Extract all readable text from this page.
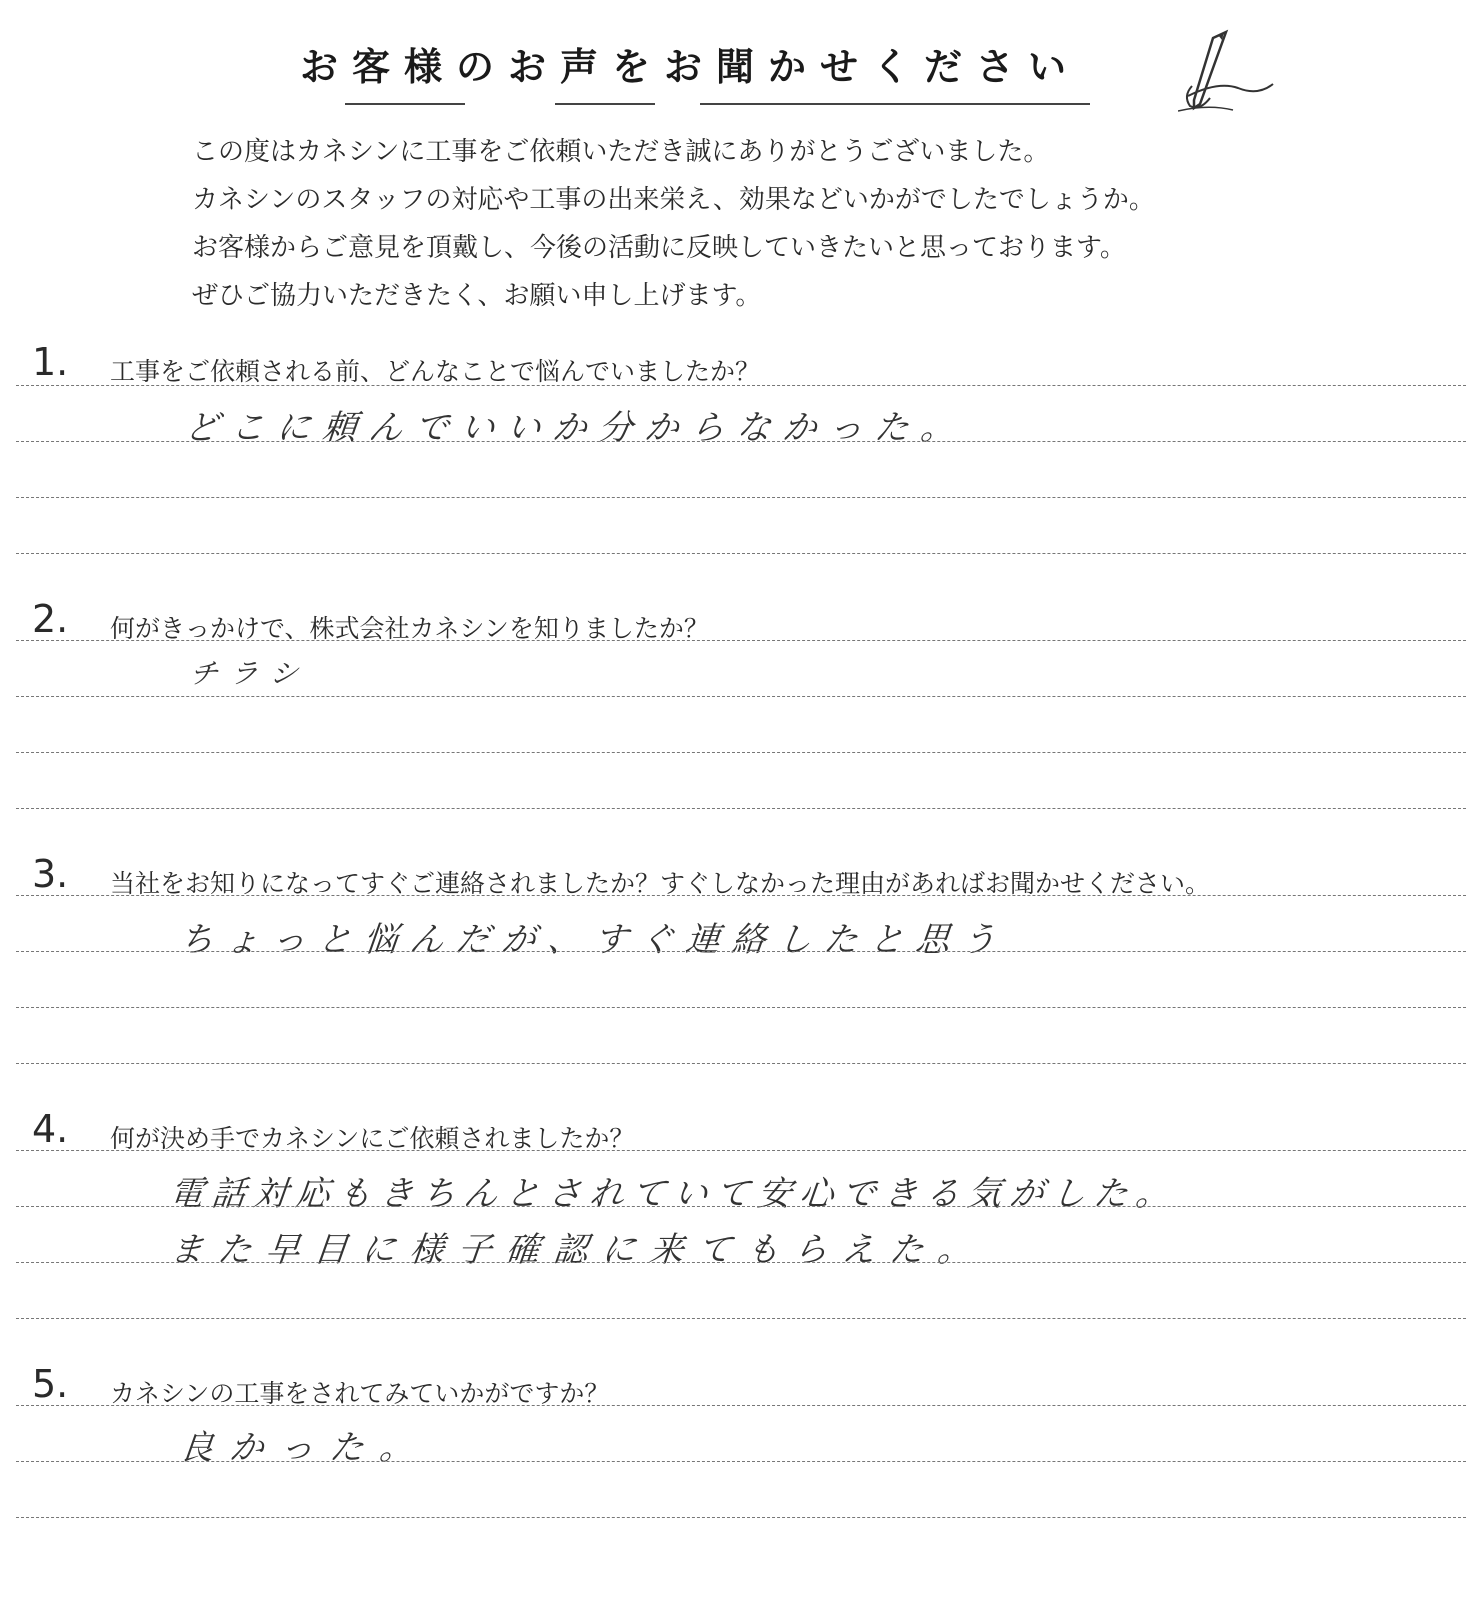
お客様のお声をお聞かせください

この度はカネシンに工事をご依頼いただき誠にありがとうございました。

カネシンのスタッフの対応や工事の出来栄え、効果などいかがでしたでしょうか。

お客様からご意見を頂戴し、今後の活動に反映していきたいと思っております。

ぜひご協力いただきたく、お願い申し上げます。

1. 工事をご依頼される前、どんなことで悩んでいましたか？
どこに頼んでいいか分からなかった。
2. 何がきっかけで、株式会社カネシンを知りましたか？
チラシ
3. 当社をお知りになってすぐご連絡されましたか？すぐしなかった理由があればお聞かせください。
ちょっと悩んだが、すぐ連絡したと思う
4. 何が決め手でカネシンにご依頼されましたか？
電話対応もきちんとされていて安心できる気がした。
また早目に様子確認に来てもらえた。
5. カネシンの工事をされてみていかがですか？
良かった。
